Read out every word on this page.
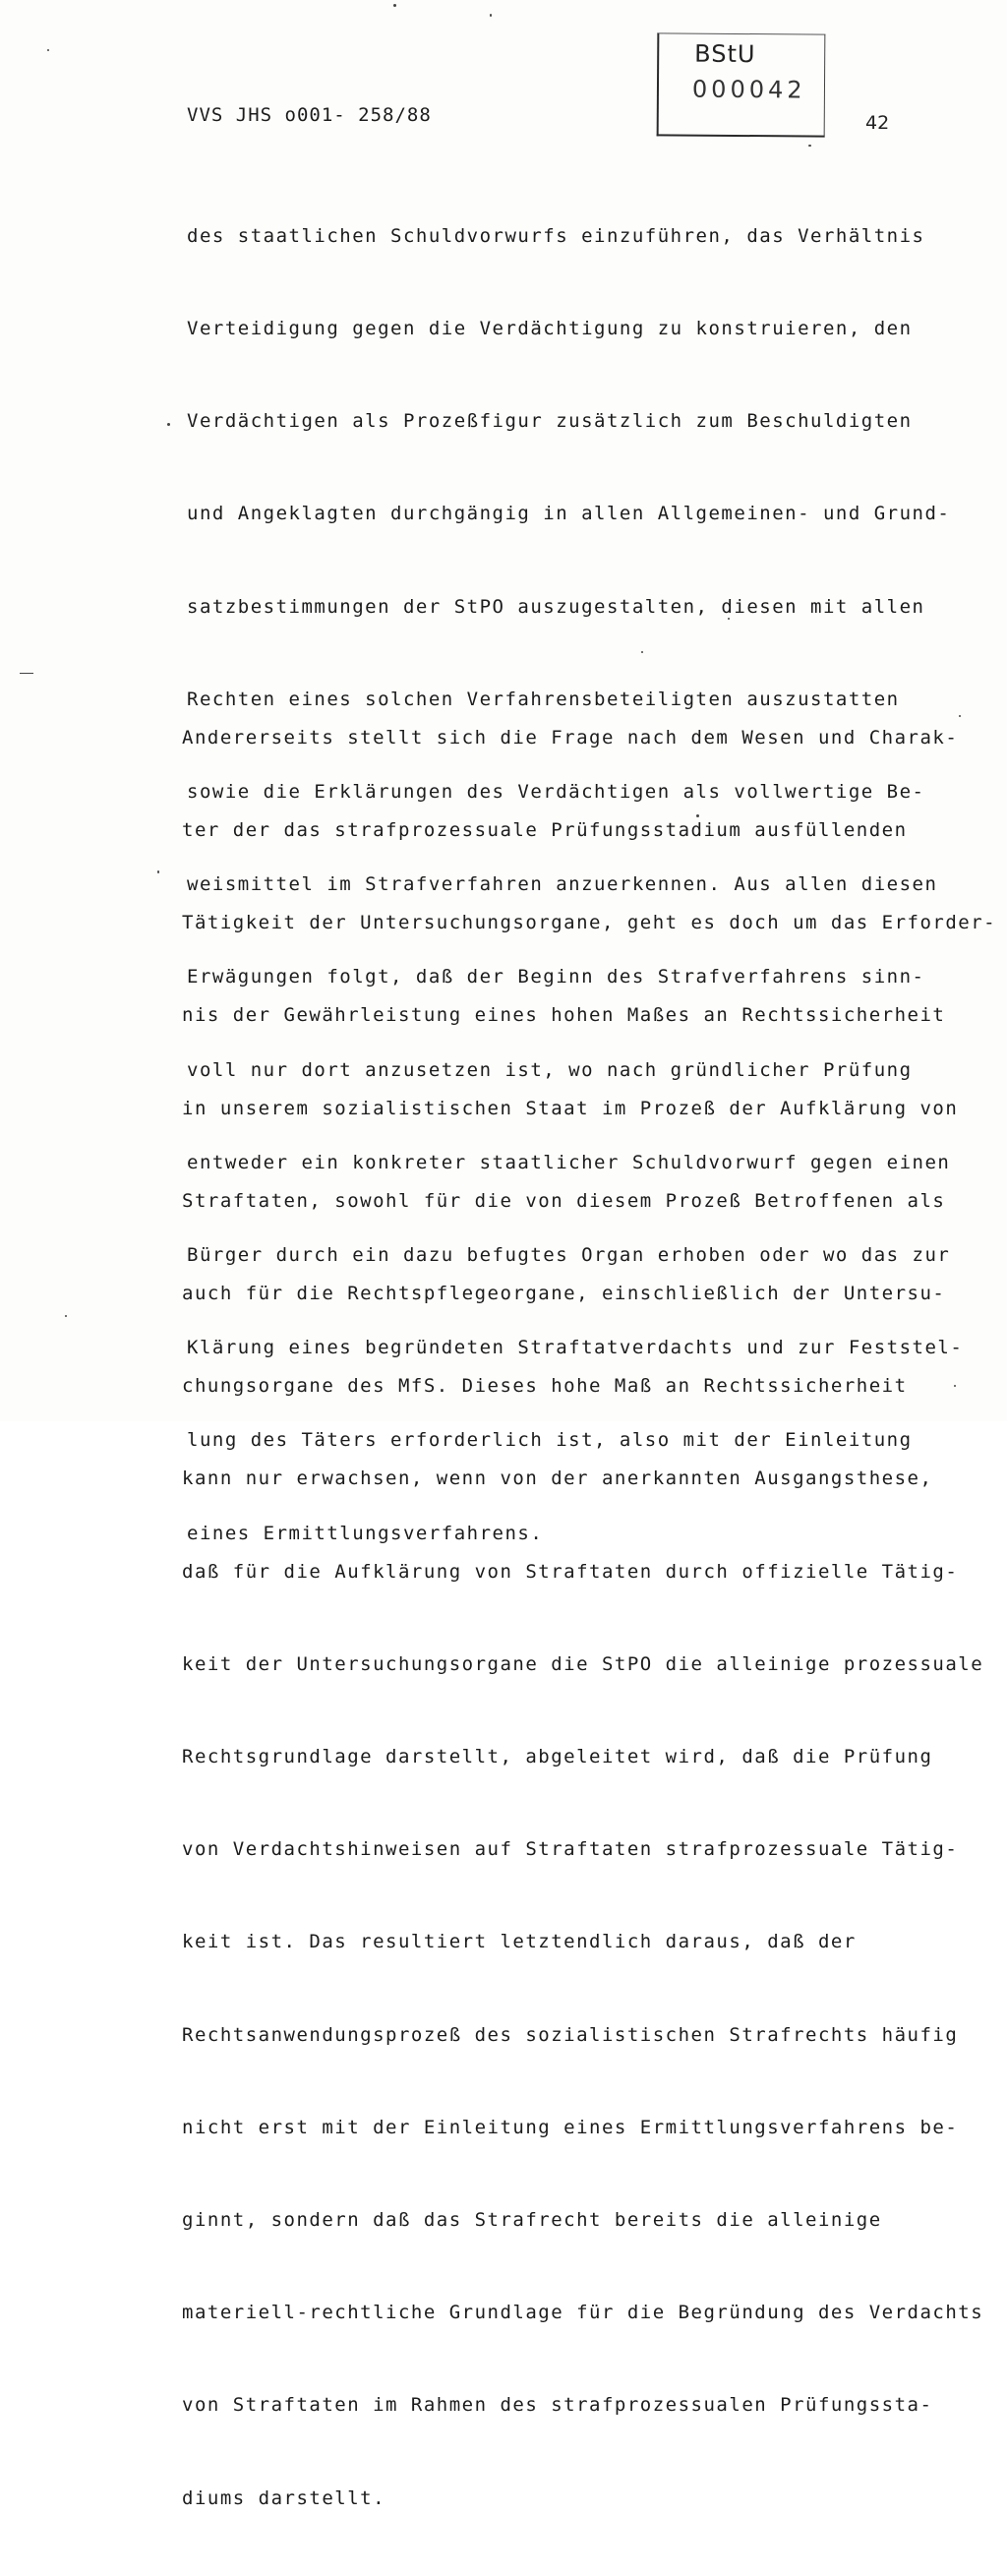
VVS JHS o001- 258/88
BStU
000042
42

des staatlichen Schuldvorwurfs einzuführen, das Verhältnis

Verteidigung gegen die Verdächtigung zu konstruieren, den

Verdächtigen als Prozeßfigur zusätzlich zum Beschuldigten

und Angeklagten durchgängig in allen Allgemeinen- und Grund-

satzbestimmungen der StPO auszugestalten, diesen mit allen

Rechten eines solchen Verfahrensbeteiligten auszustatten

sowie die Erklärungen des Verdächtigen als vollwertige Be-

weismittel im Strafverfahren anzuerkennen. Aus allen diesen

Erwägungen folgt, daß der Beginn des Strafverfahrens sinn-

voll nur dort anzusetzen ist, wo nach gründlicher Prüfung

entweder ein konkreter staatlicher Schuldvorwurf gegen einen

Bürger durch ein dazu befugtes Organ erhoben oder wo das zur

Klärung eines begründeten Straftatverdachts und zur Feststel-

lung des Täters erforderlich ist, also mit der Einleitung

eines Ermittlungsverfahrens.

Andererseits stellt sich die Frage nach dem Wesen und Charak-

ter der das strafprozessuale Prüfungsstadium ausfüllenden

Tätigkeit der Untersuchungsorgane, geht es doch um das Erforder-

nis der Gewährleistung eines hohen Maßes an Rechtssicherheit

in unserem sozialistischen Staat im Prozeß der Aufklärung von

Straftaten, sowohl für die von diesem Prozeß Betroffenen als

auch für die Rechtspflegeorgane, einschließlich der Untersu-

chungsorgane des MfS. Dieses hohe Maß an Rechtssicherheit

kann nur erwachsen, wenn von der anerkannten Ausgangsthese,

daß für die Aufklärung von Straftaten durch offizielle Tätig-

keit der Untersuchungsorgane die StPO die alleinige prozessuale

Rechtsgrundlage darstellt, abgeleitet wird, daß die Prüfung

von Verdachtshinweisen auf Straftaten strafprozessuale Tätig-

keit ist. Das resultiert letztendlich daraus, daß der

Rechtsanwendungsprozeß des sozialistischen Strafrechts häufig

nicht erst mit der Einleitung eines Ermittlungsverfahrens be-

ginnt, sondern daß das Strafrecht bereits die alleinige

materiell-rechtliche Grundlage für die Begründung des Verdachts

von Straftaten im Rahmen des strafprozessualen Prüfungssta-

diums darstellt.
